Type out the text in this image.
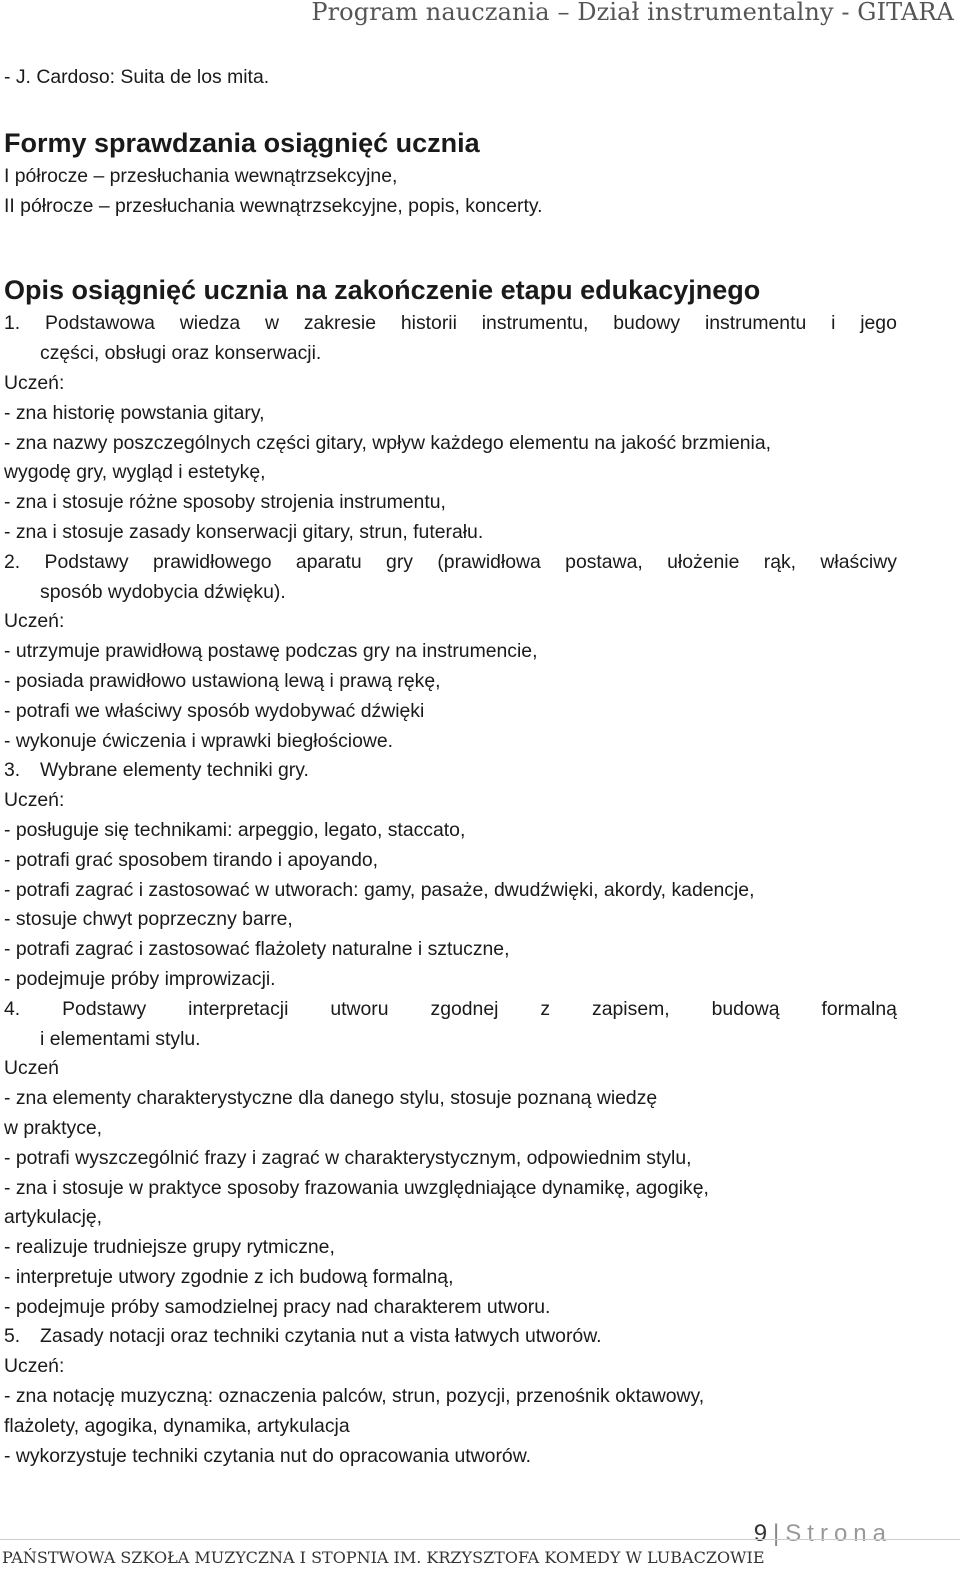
Program nauczania – Dział instrumentalny - GITARA
- J. Cardoso: Suita de los mita.
Formy sprawdzania osiągnięć ucznia
I półrocze – przesłuchania wewnątrzsekcyjne,
II półrocze – przesłuchania wewnątrzsekcyjne, popis, koncerty.
Opis osiągnięć ucznia na zakończenie etapu edukacyjnego
1. Podstawowa wiedza w zakresie historii instrumentu, budowy instrumentu i jego
części, obsługi oraz konserwacji.
Uczeń:
- zna historię powstania gitary,
- zna nazwy poszczególnych części gitary, wpływ każdego elementu na jakość brzmienia,
wygodę gry, wygląd i estetykę,
- zna i stosuje różne sposoby strojenia instrumentu,
- zna i stosuje zasady konserwacji gitary, strun, futerału.
2. Podstawy prawidłowego aparatu gry (prawidłowa postawa, ułożenie rąk, właściwy
sposób wydobycia dźwięku).
Uczeń:
- utrzymuje prawidłową postawę podczas gry na instrumencie,
- posiada prawidłowo ustawioną lewą i prawą rękę,
- potrafi we właściwy sposób wydobywać dźwięki
- wykonuje ćwiczenia i wprawki biegłościowe.
3. Wybrane elementy techniki gry.
Uczeń:
- posługuje się technikami: arpeggio, legato, staccato,
- potrafi grać sposobem tirando i apoyando,
- potrafi zagrać i zastosować w utworach: gamy, pasaże, dwudźwięki, akordy, kadencje,
- stosuje chwyt poprzeczny barre,
- potrafi zagrać i zastosować flażolety naturalne i sztuczne,
- podejmuje próby improwizacji.
4. Podstawy interpretacji utworu zgodnej z zapisem, budową formalną
i elementami stylu.
Uczeń
- zna elementy charakterystyczne dla danego stylu, stosuje poznaną wiedzę
w praktyce,
- potrafi wyszczególnić frazy i zagrać w charakterystycznym, odpowiednim stylu,
- zna i stosuje w praktyce sposoby frazowania uwzględniające dynamikę, agogikę,
artykulację,
- realizuje trudniejsze grupy rytmiczne,
- interpretuje utwory zgodnie z ich budową formalną,
- podejmuje próby samodzielnej pracy nad charakterem utworu.
5. Zasady notacji oraz techniki czytania nut a vista łatwych utworów.
Uczeń:
- zna notację muzyczną: oznaczenia palców, strun, pozycji, przenośnik oktawowy,
flażolety, agogika, dynamika, artykulacja
- wykorzystuje techniki czytania nut do opracowania utworów.
9 | Strona
PAŃSTWOWA SZKOŁA MUZYCZNA I STOPNIA IM. KRZYSZTOFA KOMEDY W LUBACZOWIE
